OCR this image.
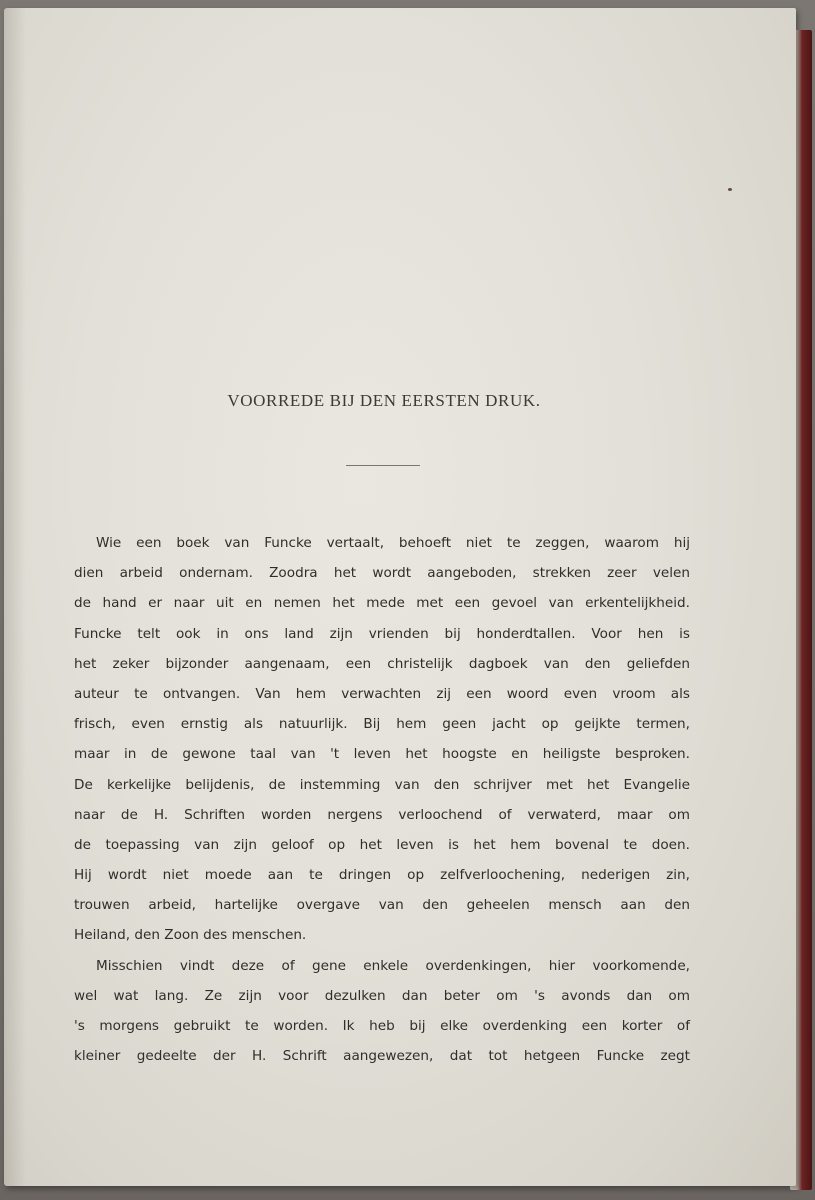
VOORREDE BIJ DEN EERSTEN DRUK.
Wie een boek van Funcke vertaalt, behoeft niet te zeggen, waarom hij
dien arbeid ondernam. Zoodra het wordt aangeboden, strekken zeer velen
de hand er naar uit en nemen het mede met een gevoel van erkentelijkheid.
Funcke telt ook in ons land zijn vrienden bij honderdtallen. Voor hen is
het zeker bijzonder aangenaam, een christelijk dagboek van den geliefden
auteur te ontvangen. Van hem verwachten zij een woord even vroom als
frisch, even ernstig als natuurlijk. Bij hem geen jacht op geijkte termen,
maar in de gewone taal van 't leven het hoogste en heiligste besproken.
De kerkelijke belijdenis, de instemming van den schrijver met het Evangelie
naar de H. Schriften worden nergens verloochend of verwaterd, maar om
de toepassing van zijn geloof op het leven is het hem bovenal te doen.
Hij wordt niet moede aan te dringen op zelfverloochening, nederigen zin,
trouwen arbeid, hartelijke overgave van den geheelen mensch aan den
Heiland, den Zoon des menschen.
Misschien vindt deze of gene enkele overdenkingen, hier voorkomende,
wel wat lang. Ze zijn voor dezulken dan beter om 's avonds dan om
's morgens gebruikt te worden. Ik heb bij elke overdenking een korter of
kleiner gedeelte der H. Schrift aangewezen, dat tot hetgeen Funcke zegt
